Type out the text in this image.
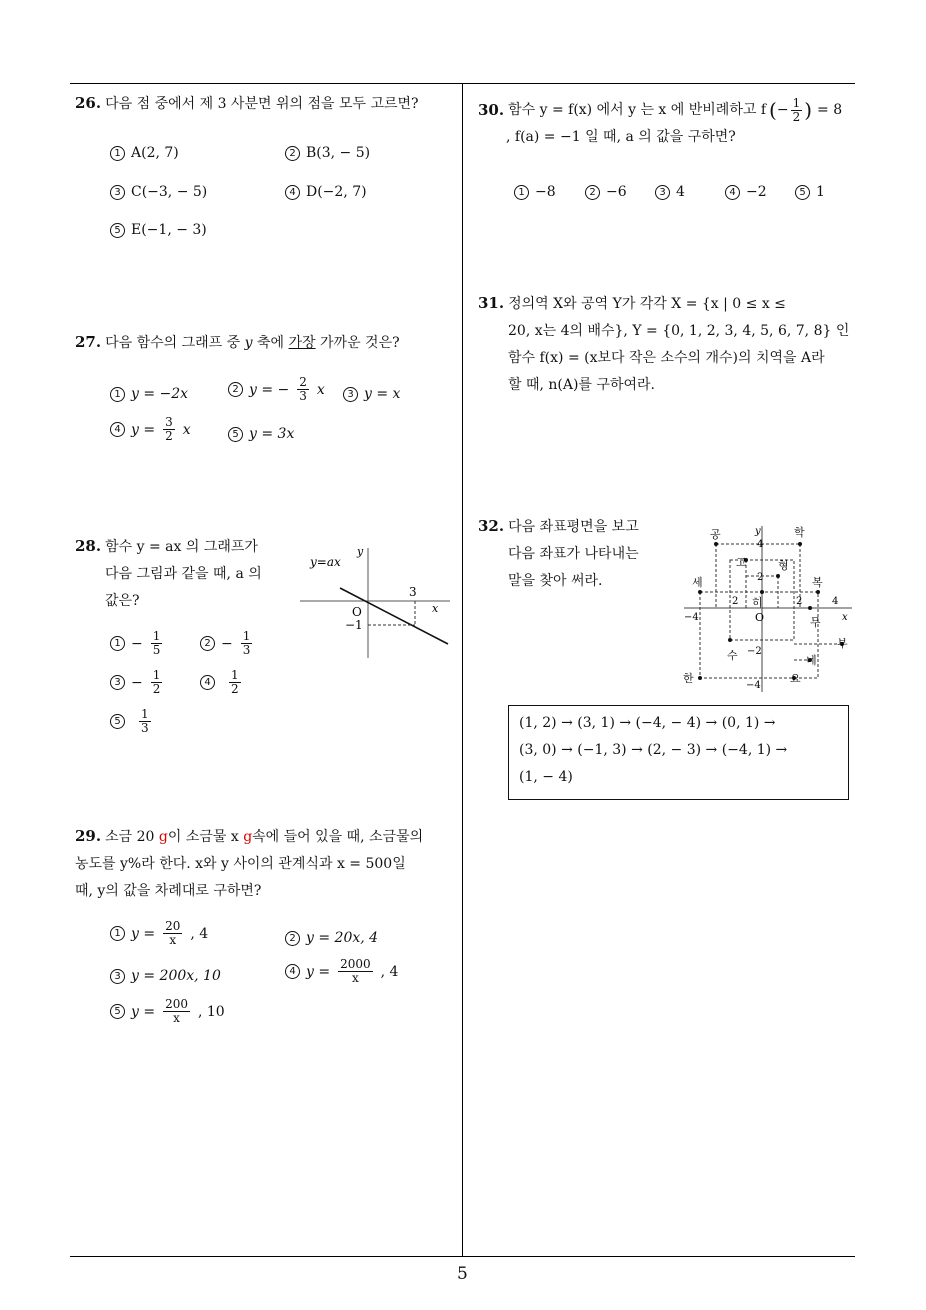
26. 다음 점 중에서 제 3 사분면 위의 점을 모두 고르면?
1 A(2, 7)	2 B(3, − 5)
3 C(−3, − 5)	4 D(−2, 7)
5 E(−1, − 3)
27. 다음 함수의 그래프 중 y 축에 가장 가까운 것은?
1 y = −2x	2 y = − $\frac{2}{3}$ x	3 y = x
4 $y = \frac{3}{2}$ x	5 y = 3x
28. 함수 y = ax 의 그래프가
다음 그림과 같을 때, a 의
값은?
y=ax
y
x
O
3
−1
$1 - \frac{1}{5}$	$2 - \frac{1}{3}$
$3 - \frac{1}{2}$	4	$\frac{1}{2}$
5	$\frac{1}{3}$
29. 소금 20 g이 소금물 x g속에 들어 있을 때, 소금물의
농도를 y%라 한다. x와 y 사이의 관계식과 x = 500일
때, y의 값을 차례대로 구하면?
1 $y = \frac{20}{x}$ , 4	2 y = 20x, 4
3 y = 200x, 10	4 $y = \frac{2000}{x}$ , 4
5 $y = \frac{200}{x}$ , 10
30. 함수 y = f(x) 에서 y 는 x 에 반비례하고 f ( − $\frac{1}{2}$ ) = 8
, f(a) = −1 일 때, a 의 값을 구하면?
1 −8	2 −6	3 4	4 −2	5 1
31. 정의역 X와 공역 Y가 각각 X = {x | 0 ≤ x ≤
20, x는 4의 배수}, Y = {0, 1, 2, 3, 4, 5, 6, 7, 8} 인
함수 f(x) = (x보다 작은 소수의 개수)의 치역을 A라
할 때, n(A)를 구하여라.
32. 다음 좌표평면을 보고
다음 좌표가 나타내는
말을 찾아 써라.
y
x
O
4
2
4
2
2
−4
−2
−4
공	학
고	형
세	복
히
무
부
수	네
한	요
(1, 2) → (3, 1) → (−4, − 4) → (0, 1) →
(3, 0) → (−1, 3) → (2, − 3) → (−4, 1) →
(1, − 4)
5
